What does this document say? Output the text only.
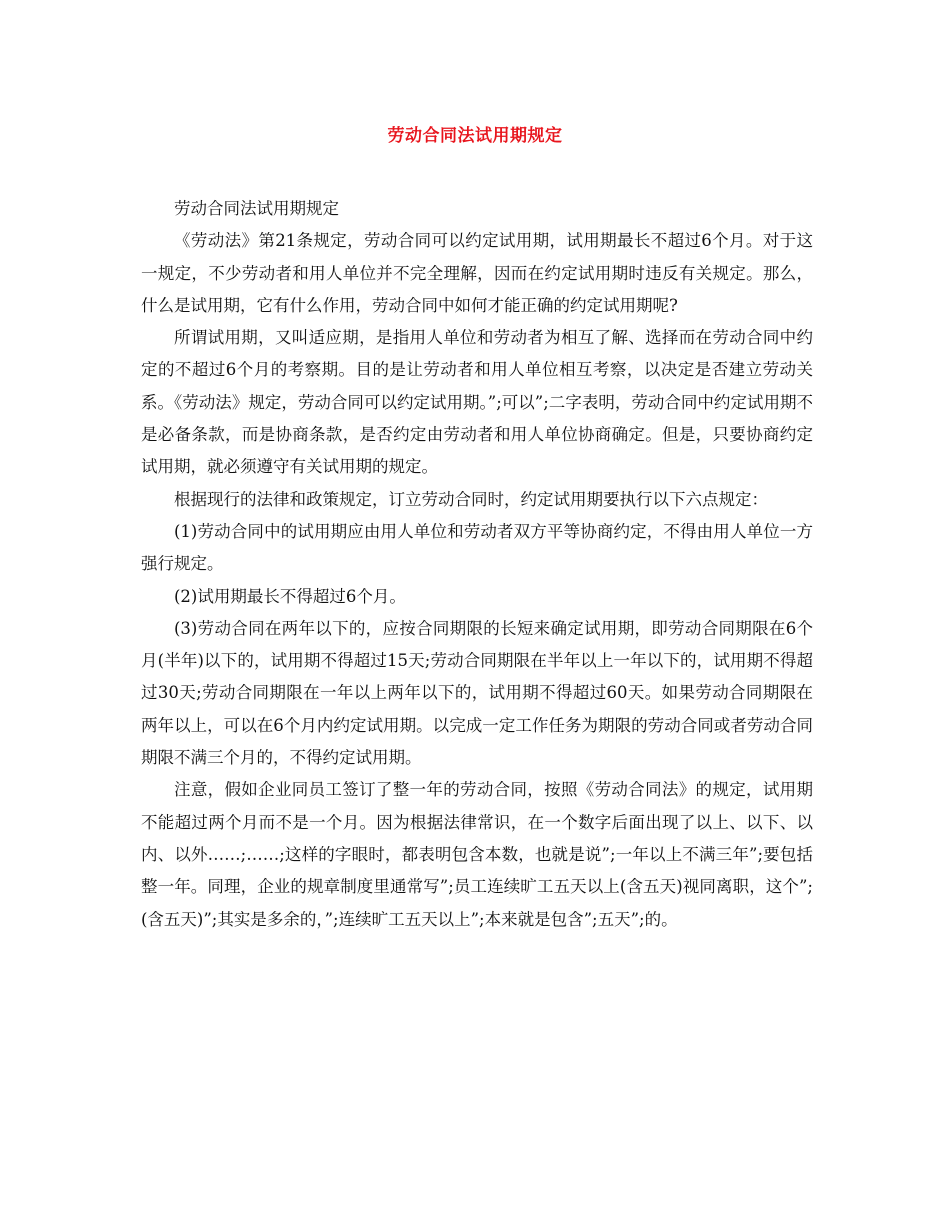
劳动合同法试用期规定

劳动合同法试用期规定

《劳动法》第21条规定，劳动合同可以约定试用期，试用期最长不超过6个月。对于这一规定，不少劳动者和用人单位并不完全理解，因而在约定试用期时违反有关规定。那么，什么是试用期，它有什么作用，劳动合同中如何才能正确的约定试用期呢?

所谓试用期，又叫适应期，是指用人单位和劳动者为相互了解、选择而在劳动合同中约定的不超过6个月的考察期。目的是让劳动者和用人单位相互考察，以决定是否建立劳动关系。《劳动法》规定，劳动合同可以约定试用期。”;可以”;二字表明，劳动合同中约定试用期不是必备条款，而是协商条款，是否约定由劳动者和用人单位协商确定。但是，只要协商约定试用期，就必须遵守有关试用期的规定。

根据现行的法律和政策规定，订立劳动合同时，约定试用期要执行以下六点规定：

(1)劳动合同中的试用期应由用人单位和劳动者双方平等协商约定，不得由用人单位一方强行规定。

(2)试用期最长不得超过6个月。

(3)劳动合同在两年以下的，应按合同期限的长短来确定试用期，即劳动合同期限在6个月(半年)以下的，试用期不得超过15天;劳动合同期限在半年以上一年以下的，试用期不得超过30天;劳动合同期限在一年以上两年以下的，试用期不得超过60天。如果劳动合同期限在两年以上，可以在6个月内约定试用期。以完成一定工作任务为期限的劳动合同或者劳动合同期限不满三个月的，不得约定试用期。

注意，假如企业同员工签订了整一年的劳动合同，按照《劳动合同法》的规定，试用期不能超过两个月而不是一个月。因为根据法律常识，在一个数字后面出现了以上、以下、以内、以外……;……;这样的字眼时，都表明包含本数，也就是说”;一年以上不满三年”;要包括整一年。同理，企业的规章制度里通常写”;员工连续旷工五天以上(含五天)视同离职，这个”;(含五天)”;其实是多余的，”;连续旷工五天以上”;本来就是包含”;五天”;的。
